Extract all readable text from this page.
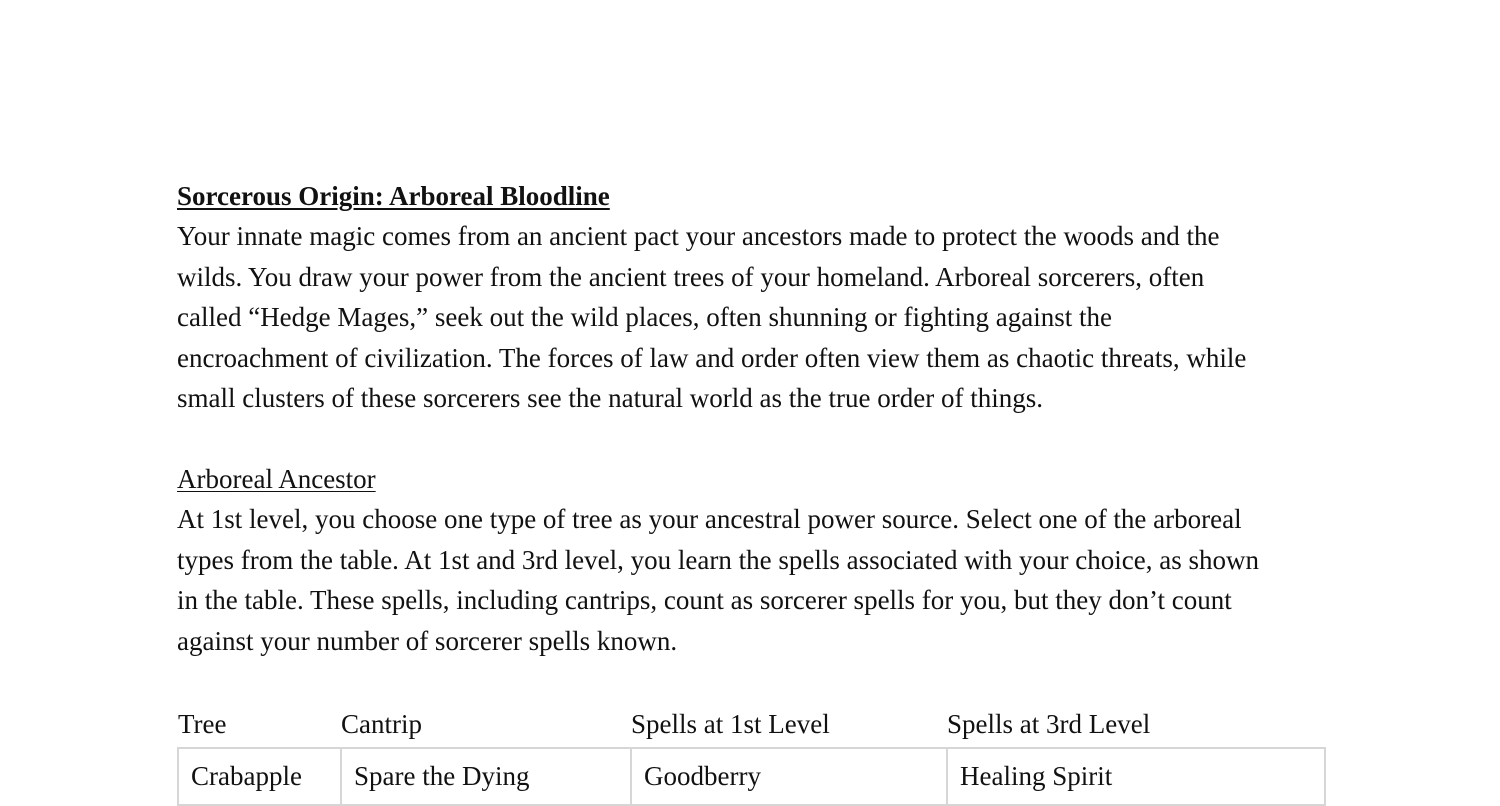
Sorcerous Origin: Arboreal Bloodline

Your innate magic comes from an ancient pact your ancestors made to protect the woods and the
wilds. You draw your power from the ancient trees of your homeland. Arboreal sorcerers, often
called “Hedge Mages,” seek out the wild places, often shunning or fighting against the
encroachment of civilization. The forces of law and order often view them as chaotic threats, while
small clusters of these sorcerers see the natural world as the true order of things.

Arboreal Ancestor

At 1st level, you choose one type of tree as your ancestral power source. Select one of the arboreal
types from the table. At 1st and 3rd level, you learn the spells associated with your choice, as shown
in the table. These spells, including cantrips, count as sorcerer spells for you, but they don’t count
against your number of sorcerer spells known.

Tree	Cantrip	Spells at 1st Level	Spells at 3rd Level
Crabapple	Spare the Dying	Goodberry	Healing Spirit
